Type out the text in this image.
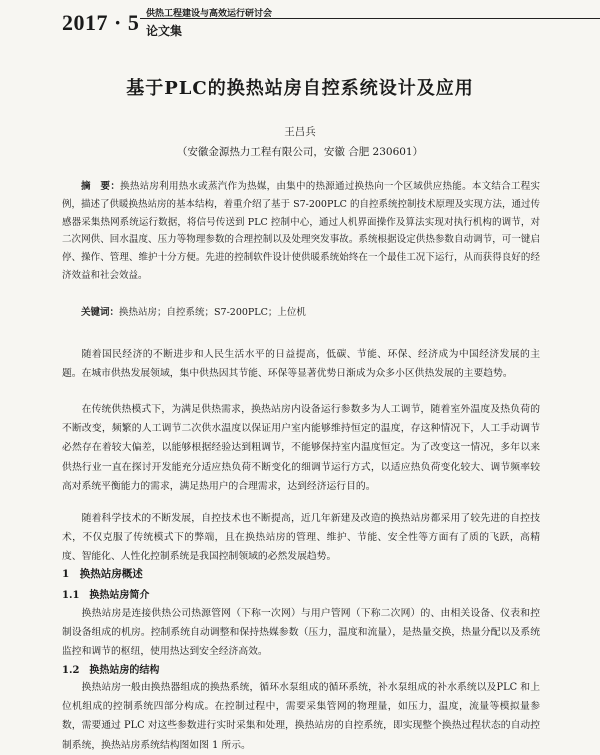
2017 · 5 供热工程建设与高效运行研讨会
论文集
基于PLC的换热站房自控系统设计及应用
王吕兵
（安徽金源热力工程有限公司，安徽 合肥 230601）
摘　要：换热站房利用热水或蒸汽作为热媒，由集中的热源通过换热向一个区域供应热能。本文结合工程实例，描述了供暖换热站房的基本结构，着重介绍了基于 S7-200PLC 的自控系统控制技术原理及实现方法，通过传感器采集热网系统运行数据，将信号传送到 PLC 控制中心，通过人机界面操作及算法实现对执行机构的调节，对二次网供、回水温度、压力等物理参数的合理控制以及处理突发事故。系统根据设定供热参数自动调节，可一键启停、操作、管理、维护十分方便。先进的控制软件设计使供暖系统始终在一个最佳工况下运行，从而获得良好的经济效益和社会效益。
关键词：换热站房；自控系统；S7-200PLC；上位机

随着国民经济的不断进步和人民生活水平的日益提高，低碳、节能、环保、经济成为中国经济发展的主题。在城市供热发展领域，集中供热因其节能、环保等显著优势日渐成为众多小区供热发展的主要趋势。

在传统供热模式下，为满足供热需求，换热站房内设备运行参数多为人工调节，随着室外温度及热负荷的不断改变，频繁的人工调节二次供水温度以保证用户室内能够维持恒定的温度，存这种情况下，人工手动调节必然存在着较大偏差，以能够根据经验达到粗调节，不能够保持室内温度恒定。为了改变这一情况，多年以来供热行业一直在探讨开发能充分适应热负荷不断变化的细调节运行方式，以适应热负荷变化较大、调节频率较高对系统平衡能力的需求，满足热用户的合理需求，达到经济运行目的。

随着科学技术的不断发展，自控技术也不断提高，近几年新建及改造的换热站房都采用了较先进的自控技术，不仅克服了传统模式下的弊端，且在换热站房的管理、维护、节能、安全性等方面有了质的飞跃，高精度、智能化、人性化控制系统是我国控制领域的必然发展趋势。

1　换热站房概述
1.1　换热站房简介

换热站房是连接供热公司热源管网（下称一次网）与用户管网（下称二次网）的、由相关设备、仪表和控制设备组成的机房。控制系统自动调整和保持热媒参数（压力，温度和流量），是热量交换，热量分配以及系统监控和调节的枢纽，使用热达到安全经济高效。

1.2　换热站房的结构

换热站房一般由换热器组成的换热系统，循环水泵组成的循环系统，补水泵组成的补水系统以及PLC 和上位机组成的控制系统四部分构成。在控制过程中，需要采集管网的物理量，如压力，温度，流量等模拟量参数，需要通过 PLC 对这些参数进行实时采集和处理，换热站房的自控系统，即实现整个换热过程状态的自动控制系统，换热站房系统结构图如图 1 所示。
